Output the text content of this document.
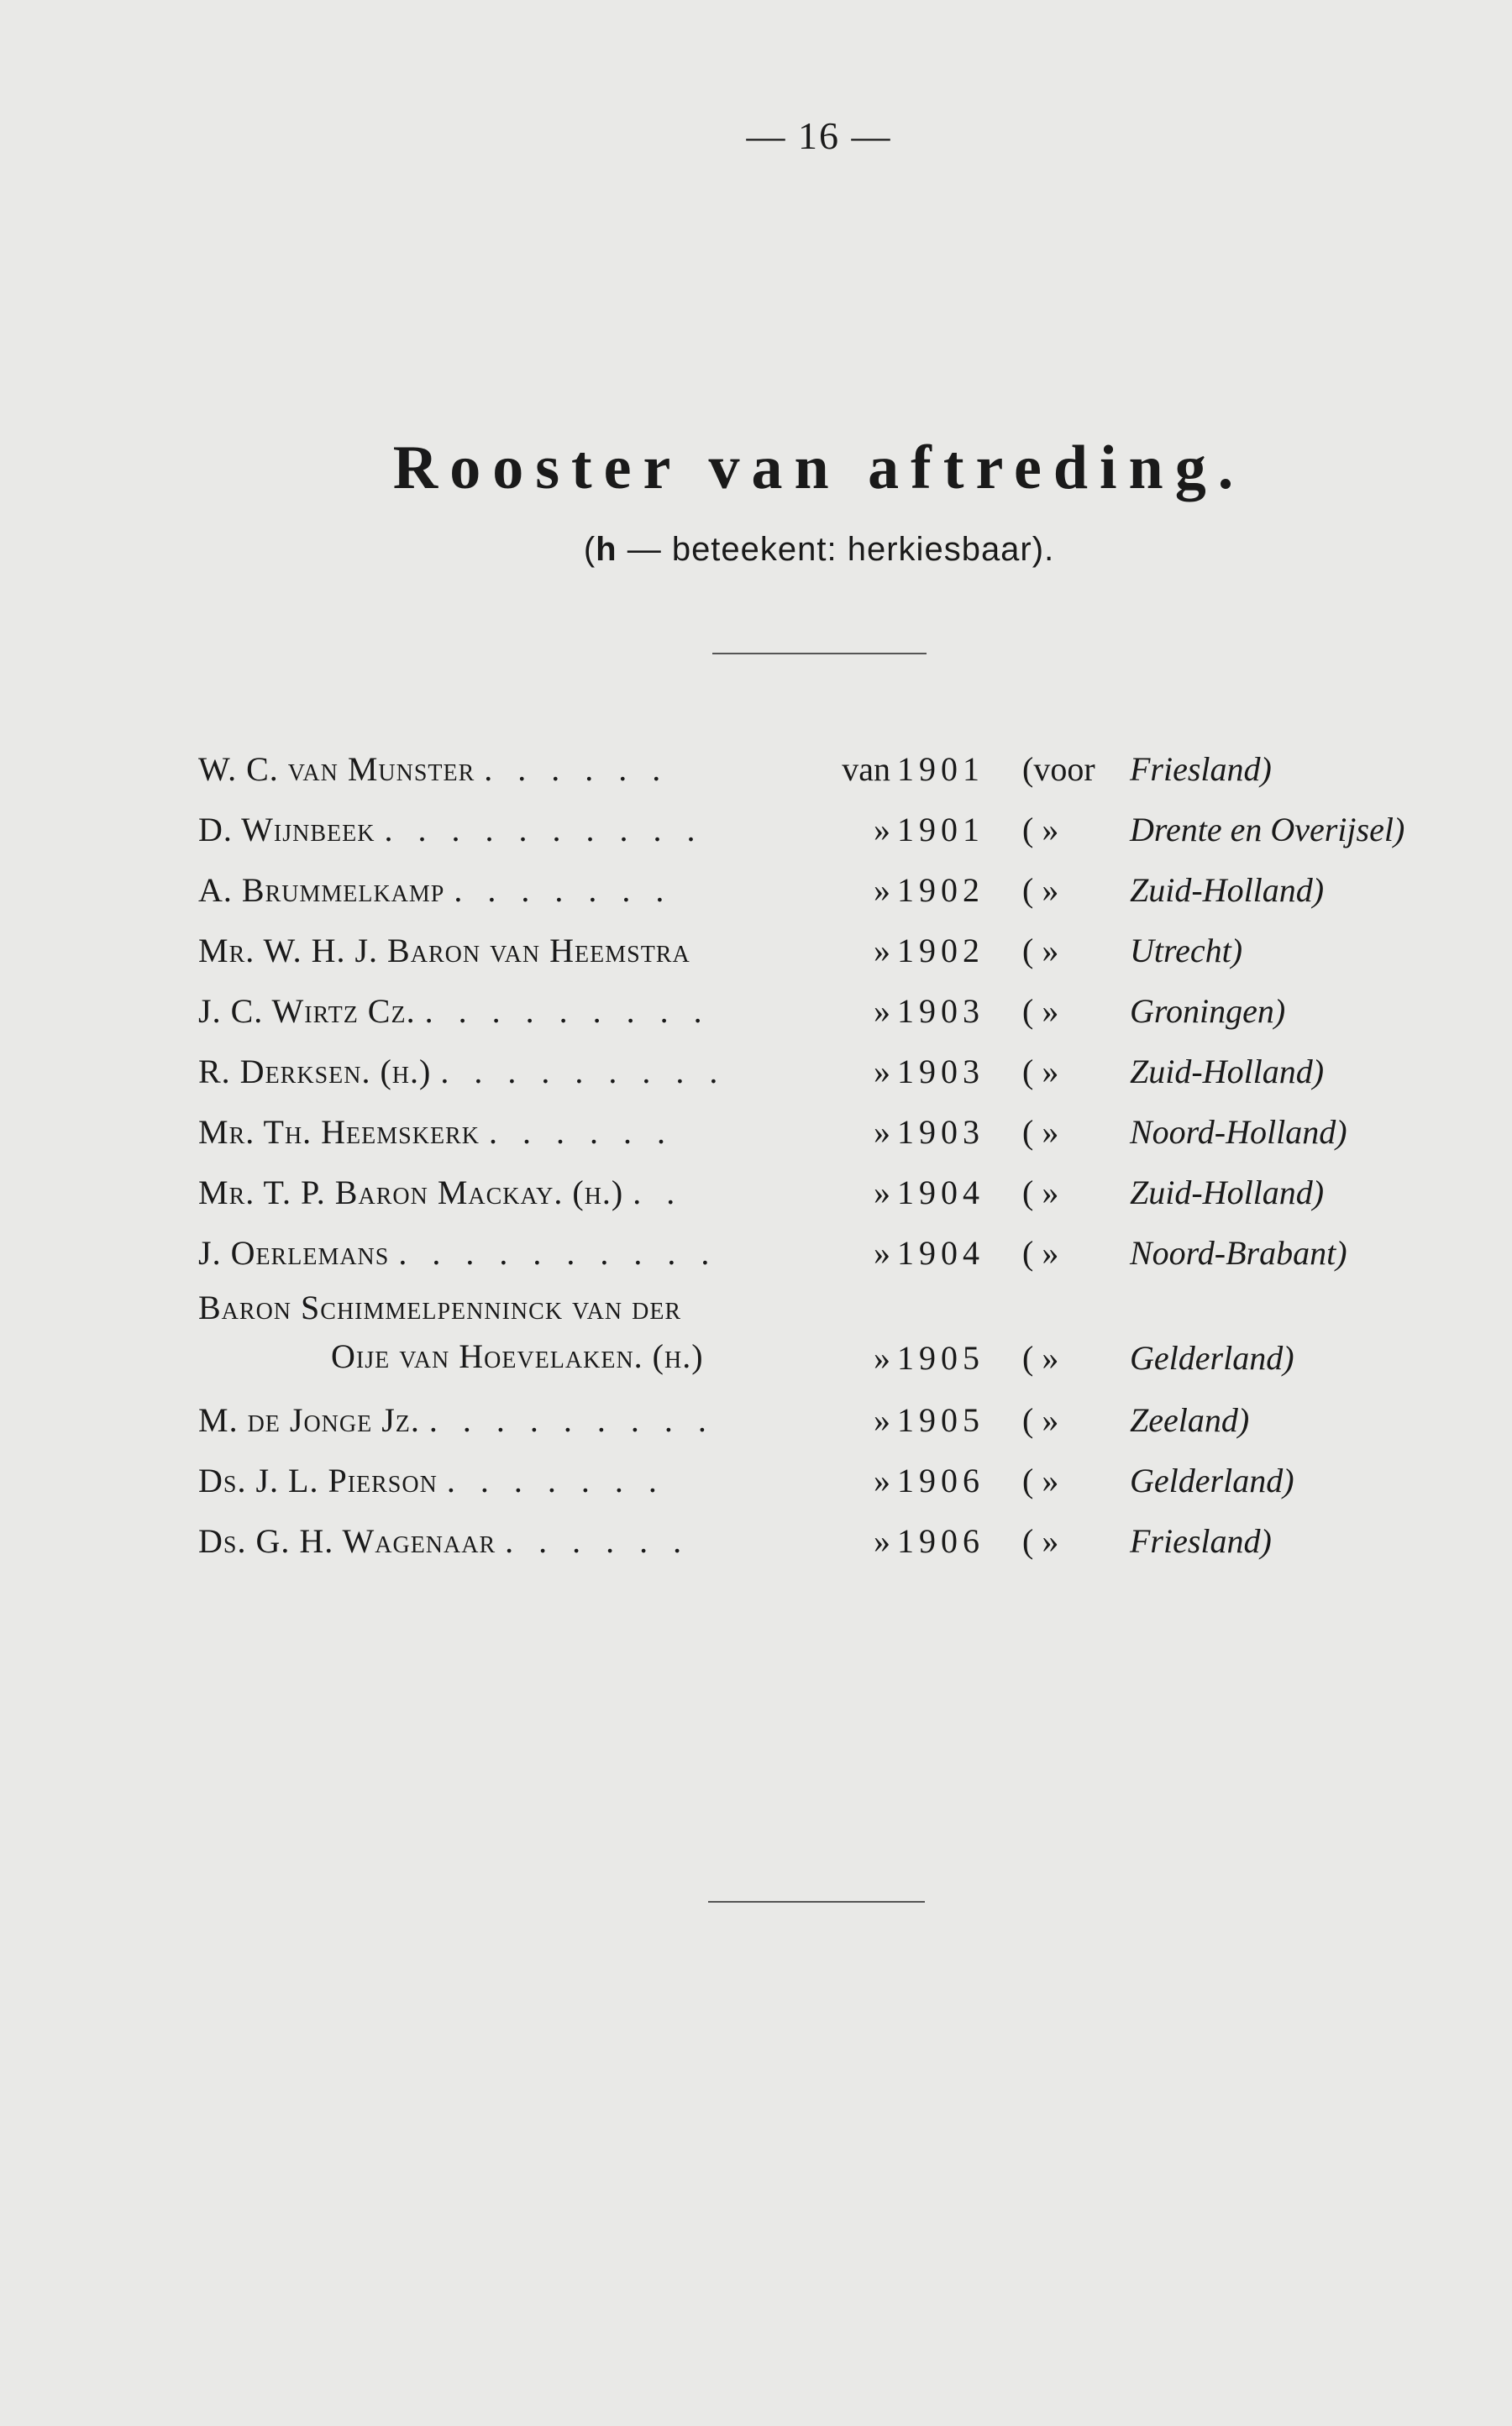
— 16 —
Rooster van aftreding.
(h — beteekent: herkiesbaar).
W. C. van Munster . . . . . .	van 1901 (voor	Friesland)
D. Wijnbeek . . . . . . . . . .	» 1901 ( »	Drente en Overijsel)
A. Brummelkamp . . . . . . .	» 1902 ( »	Zuid-Holland)
Mr. W. H. J. Baron van Heemstra	» 1902 ( »	Utrecht)
J. C. Wirtz Cz. . . . . . . . . .	» 1903 ( »	Groningen)
R. Derksen. (h.) . . . . . . . . .	» 1903 ( »	Zuid-Holland)
Mr. Th. Heemskerk . . . . . .	» 1903 ( »	Noord-Holland)
Mr. T. P. Baron Mackay. (h.) . .	» 1904 ( »	Zuid-Holland)
J. Oerlemans . . . . . . . . . .	» 1904 ( »	Noord-Brabant)
Baron Schimmelpenninck van der
Oije van Hoevelaken. (h.)	» 1905 ( »	Gelderland)
M. de Jonge Jz. . . . . . . . . .	» 1905 ( »	Zeeland)
Ds. J. L. Pierson . . . . . . .	» 1906 ( »	Gelderland)
Ds. G. H. Wagenaar . . . . . .	» 1906 ( »	Friesland)
